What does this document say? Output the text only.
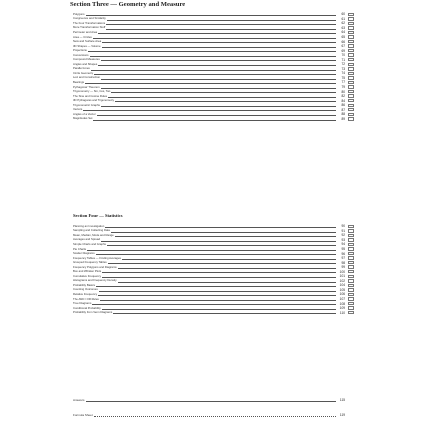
Section Three — Geometry and Measure
Polygons	60
Congruence and Similarity	61
The Four Transformations	62
More Transformation Stuff	63
Perimeter and Area	64
Area — Circles	65
Nets and Surface Area	66
3D Shapes — Volume	67
Projections	69
Conversions	70
Compound Measures	71
Angles and Shapes	72
Parallel Lines	73
Circle Geometry	74
Loci and Construction	75
Bearings	77
Pythagoras' Theorem	79
Trigonometry — Sin, Cos, Tan	80
The Sine and Cosine Rules	82
3D Pythagoras and Trigonometry	84
Trigonometric Graphs	86
Vectors	87
Angles of a Vector	88
Magnitudes Set	89
Section Four — Statistics
Planning an Investigation	90
Sampling and Collecting Data	91
Mean, Median, Mode and Range	92
Averages and Spread	93
Simple Charts and Graphs	94
Pie Charts	95
Scatter Diagrams	96
Frequency Tables — Finding Averages	97
Grouped Frequency Tables	98
Frequency Polygons and Diagrams	99
Box and Whisker Plots	100
Cumulative Frequency	101
Histograms and Frequency Density	102
Probability Basics	104
Counting Outcomes	105
Relative Frequency	106
The AND / OR Rules	107
Tree Diagrams	108
Conditional Probability	109
Probability from Venn Diagrams	110
Answers	115
Formula Sheet	119
